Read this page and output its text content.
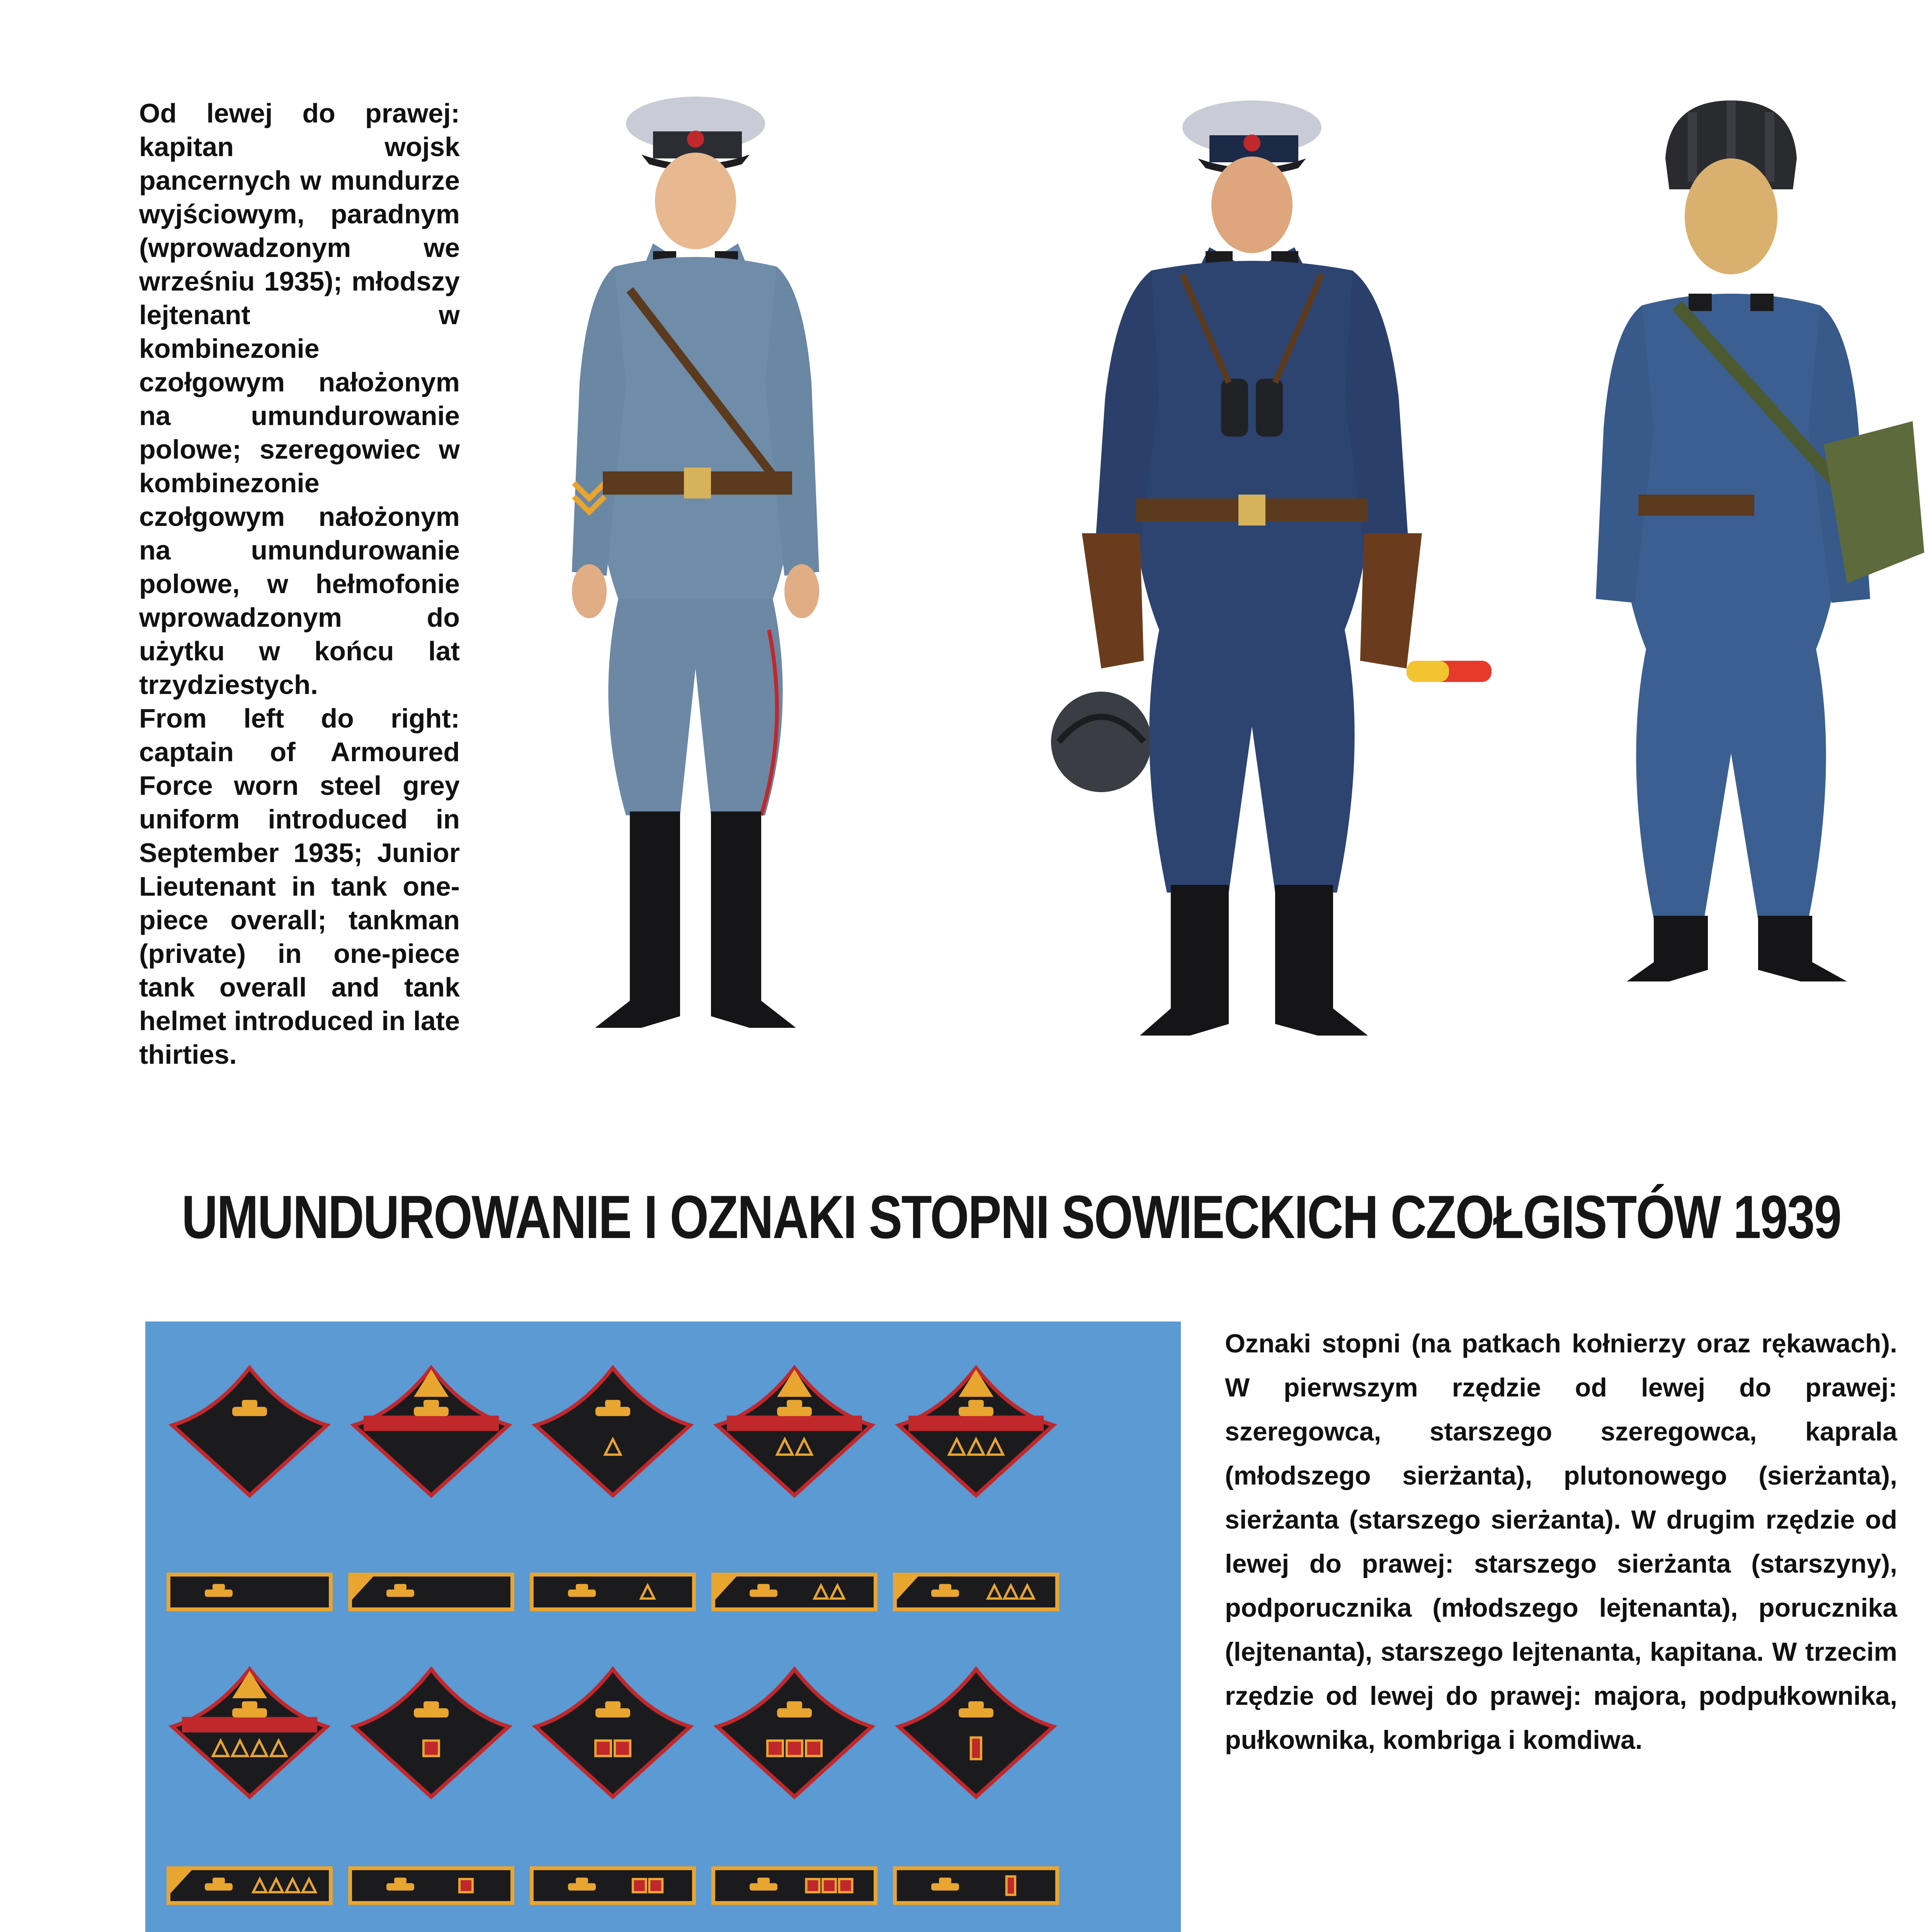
Od lewej do prawej: kapitan wojsk pancernych w mundurze wyjściowym, paradnym (wprowadzonym we wrześniu 1935); młodszy lejtenant w kombinezonie czołgowym nałożonym na umundurowanie polowe; szeregowiec w kombinezonie czołgowym nałożonym na umundurowanie polowe, w hełmofonie wprowadzonym do użytku w końcu lat trzydziestych.

From left do right: captain of Armoured Force worn steel grey uniform introduced in September 1935; Junior Lieutenant in tank one-piece overall; tankman (private) in one-piece tank overall and tank helmet introduced in late thirties.

UMUNDUROWANIE I OZNAKI STOPNI SOWIECKICH CZOŁGISTÓW 1939
Oznaki stopni (na patkach kołnierzy oraz rękawach). W pierwszym rzędzie od lewej do prawej: szeregowca, starszego szeregowca, kaprala (młodszego sierżanta), plutonowego (sierżanta), sierżanta (starszego sierżanta). W drugim rzędzie od lewej do prawej: starszego sierżanta (starszyny), podporucznika (młodszego lejtenanta), porucznika (lejtenanta), starszego lejtenanta, kapitana. W trzecim rzędzie od lewej do prawej: majora, podpułkownika, pułkownika, kombriga i komdiwa.
